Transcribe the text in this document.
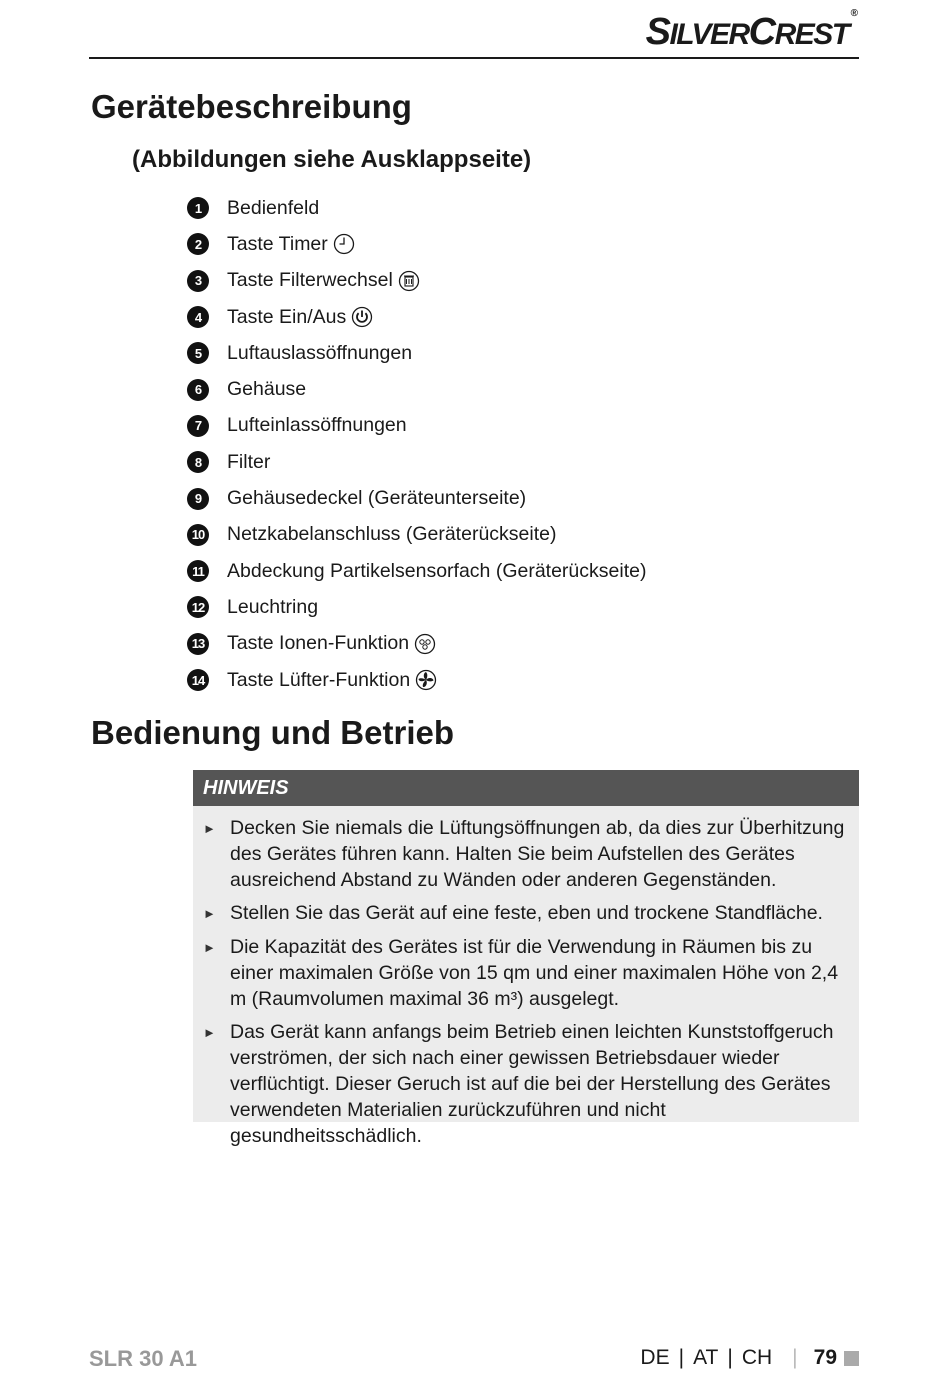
SILVERCREST®
Gerätebeschreibung
(Abbildungen siehe Ausklappseite)
1	Bedienfeld
2	Taste Timer
3	Taste Filterwechsel
4	Taste Ein/Aus
5	Luftauslassöffnungen
6	Gehäuse
7	Lufteinlassöffnungen
8	Filter
9	Gehäusedeckel (Geräteunterseite)
10 Netzkabelanschluss (Geräterückseite)
11 Abdeckung Partikelsensorfach (Geräterückseite)
12 Leuchtring
13 Taste Ionen-Funktion
14 Taste Lüfter-Funktion
Bedienung und Betrieb
HINWEIS
► Decken Sie niemals die Lüftungsöffnungen ab, da dies zur Überhitzung des Gerätes führen kann. Halten Sie beim Aufstellen des Gerätes ausreichend Abstand zu Wänden oder anderen Gegenständen.
► Stellen Sie das Gerät auf eine feste, eben und trockene Standfläche.
► Die Kapazität des Gerätes ist für die Verwendung in Räumen bis zu einer maximalen Größe von 15 qm und einer maximalen Höhe von 2,4 m (Raumvolumen maximal 36 m³) ausgelegt.
► Das Gerät kann anfangs beim Betrieb einen leichten Kunststoffgeruch verströmen, der sich nach einer gewissen Betriebsdauer wieder verflüchtigt. Dieser Geruch ist auf die bei der Herstellung des Gerätes verwendeten Materialien zurückzuführen und nicht gesundheitsschädlich.
SLR 30 A1	DE | AT | CH | 79
